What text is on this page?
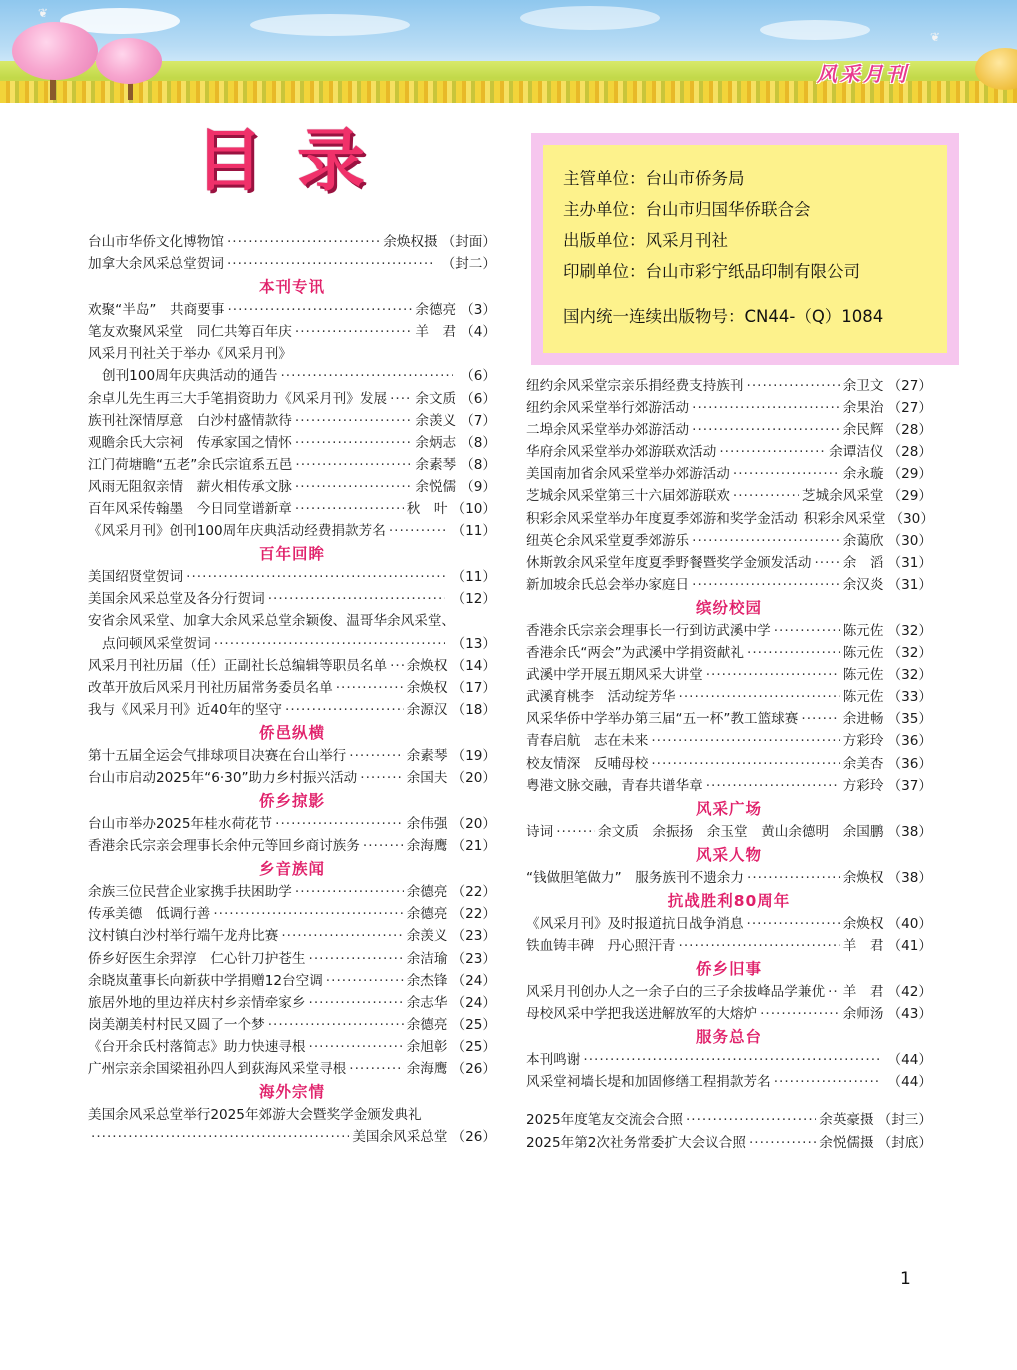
❦
❦
风采月刊
目录	主管单位：台山市侨务局
主办单位：台山市归国华侨联合会
出版单位：风采月刊社
印刷单位：台山市彩宁纸品印制有限公司
国内统一连续出版物号：CN44-（Q）1084
台山市华侨文化博物馆 ·····	余焕权摄 （封面）
加拿大余风采总堂贺词 ·····	（封二）
本刊专讯
欢聚“半岛”　共商要事 ·····	余德亮 （3）
笔友欢聚风采堂　同仁共筹百年庆 ·····	羊　君 （4）
风采月刊社关于举办《风采月刊》
创刊100周年庆典活动的通告 ·····	（6）
余卓儿先生再三大手笔捐资助力《风采月刊》发展 ····· 余文质 （6）
族刊社深情厚意　白沙村盛情款待 ·····	余羡义 （7）
观瞻余氏大宗祠　传承家国之情怀 ·····	余炳志 （8）
江门荷塘瞻“五老”余氏宗谊系五邑 ·····	余素琴 （8）
风雨无阻叙亲情　薪火相传承文脉 ·····	余悦儒 （9）
百年风采传翰墨　今日同堂谱新章 ·····	秋　叶 （10）
《风采月刊》创刊100周年庆典活动经费捐款芳名 ·····	（11）
百年回眸
美国绍贤堂贺词 ·····	（11）
美国余风采总堂及各分行贺词 ·····	（12）
安省余风采堂、加拿大余风采总堂余颖俊、温哥华余风采堂、
点问顿风采堂贺词 ·····	（13）
风采月刊社历届（任）正副社长总编辑等职员名单 ····· 余焕权 （14）
改革开放后风采月刊社历届常务委员名单 ·····	余焕权 （17）
我与《风采月刊》近40年的坚守 ·····	余源汉 （18）
侨邑纵横
第十五届全运会气排球项目决赛在台山举行 ·····	余素琴 （19）
台山市启动2025年“6·30”助力乡村振兴活动 ·····	余国夫 （20）
侨乡掠影
台山市举办2025年桂水荷花节 ·····	余伟强 （20）
香港余氏宗亲会理事长余仲元等回乡商讨族务 ·····	余海鹰 （21）
乡音族闻
余族三位民营企业家携手扶困助学 ·····	余德亮 （22）
传承美德　低调行善 ·····	余德亮 （22）
汶村镇白沙村举行端午龙舟比赛 ·····	余羡义 （23）
侨乡好医生余羿淳　仁心针刀护苍生 ·····	余洁瑜 （23）
余晓岚董事长向新荻中学捐赠12台空调 ·····	余杰锋 （24）
旅居外地的里边祥庆村乡亲情牵家乡 ·····	余志华 （24）
岗美潮美村村民又圆了一个梦 ·····	余德亮 （25）
《台开余氏村落简志》助力快速寻根 ·····	余旭彰 （25）
广州宗亲余国梁祖孙四人到荻海风采堂寻根 ·····	余海鹰 （26）
海外宗情
美国余风采总堂举行2025年郊游大会暨奖学金颁发典礼
·····
美国余风采总堂 （26）
纽约余风采堂宗亲乐捐经费支持族刊 ·····	余卫文 （27）
纽约余风采堂举行郊游活动 ·····	余果治 （27）
二埠余风采堂举办郊游活动 ·····	余民辉 （28）
华府余风采堂举办郊游联欢活动 ·····	余谭洁仪 （28）
美国南加省余风采堂举办郊游活动 ·····	余永璇 （29）
芝城余风采堂第三十六届郊游联欢 ·····	芝城余风采堂 （29）
积彩余风采堂举办年度夏季郊游和奖学金活动 积彩余风采堂 （30）
纽英仑余风采堂夏季郊游乐 ·····	余蔼欣 （30）
休斯敦余风采堂年度夏季野餐暨奖学金颁发活动 ····· 余　滔 （31）
新加坡余氏总会举办家庭日 ·····	余汉炎 （31）
缤纷校园
香港余氏宗亲会理事长一行到访武溪中学 ·····	陈元佐 （32）
香港余氏“两会”为武溪中学捐资献礼 ·····	陈元佐 （32）
武溪中学开展五期风采大讲堂 ·····	陈元佐 （32）
武溪育桃李　活动绽芳华 ·····	陈元佐 （33）
风采华侨中学举办第三届“五一杯”教工篮球赛 ·····	余进畅 （35）
青春启航　志在未来 ·····	方彩玲 （36）
校友情深　反哺母校 ·····	余美杏 （36）
粤港文脉交融，青春共谱华章 ·····	方彩玲 （37）
风采广场
诗词 ·····	余文质　余振扬　余玉堂　黄山余德明　余国鹏 （38）
风采人物
“钱做胆笔做力”　服务族刊不遗余力 ·····	余焕权 （38）
抗战胜利80周年
《风采月刊》及时报道抗日战争消息 ·····	余焕权 （40）
铁血铸丰碑　丹心照汗青 ·····	羊　君 （41）
侨乡旧事
风采月刊创办人之一余子白的三子余拔峰品学兼优 ····· 羊　君 （42）
母校风采中学把我送进解放军的大熔炉 ·····	余师汤 （43）
服务总台
本刊鸣谢 ·····	（44）
风采堂祠墙长堤和加固修缮工程捐款芳名 ·····	（44）
2025年度笔友交流会合照 ·····	余英豪摄 （封三）
2025年第2次社务常委扩大会议合照 ·····	余悦儒摄 （封底）
1
